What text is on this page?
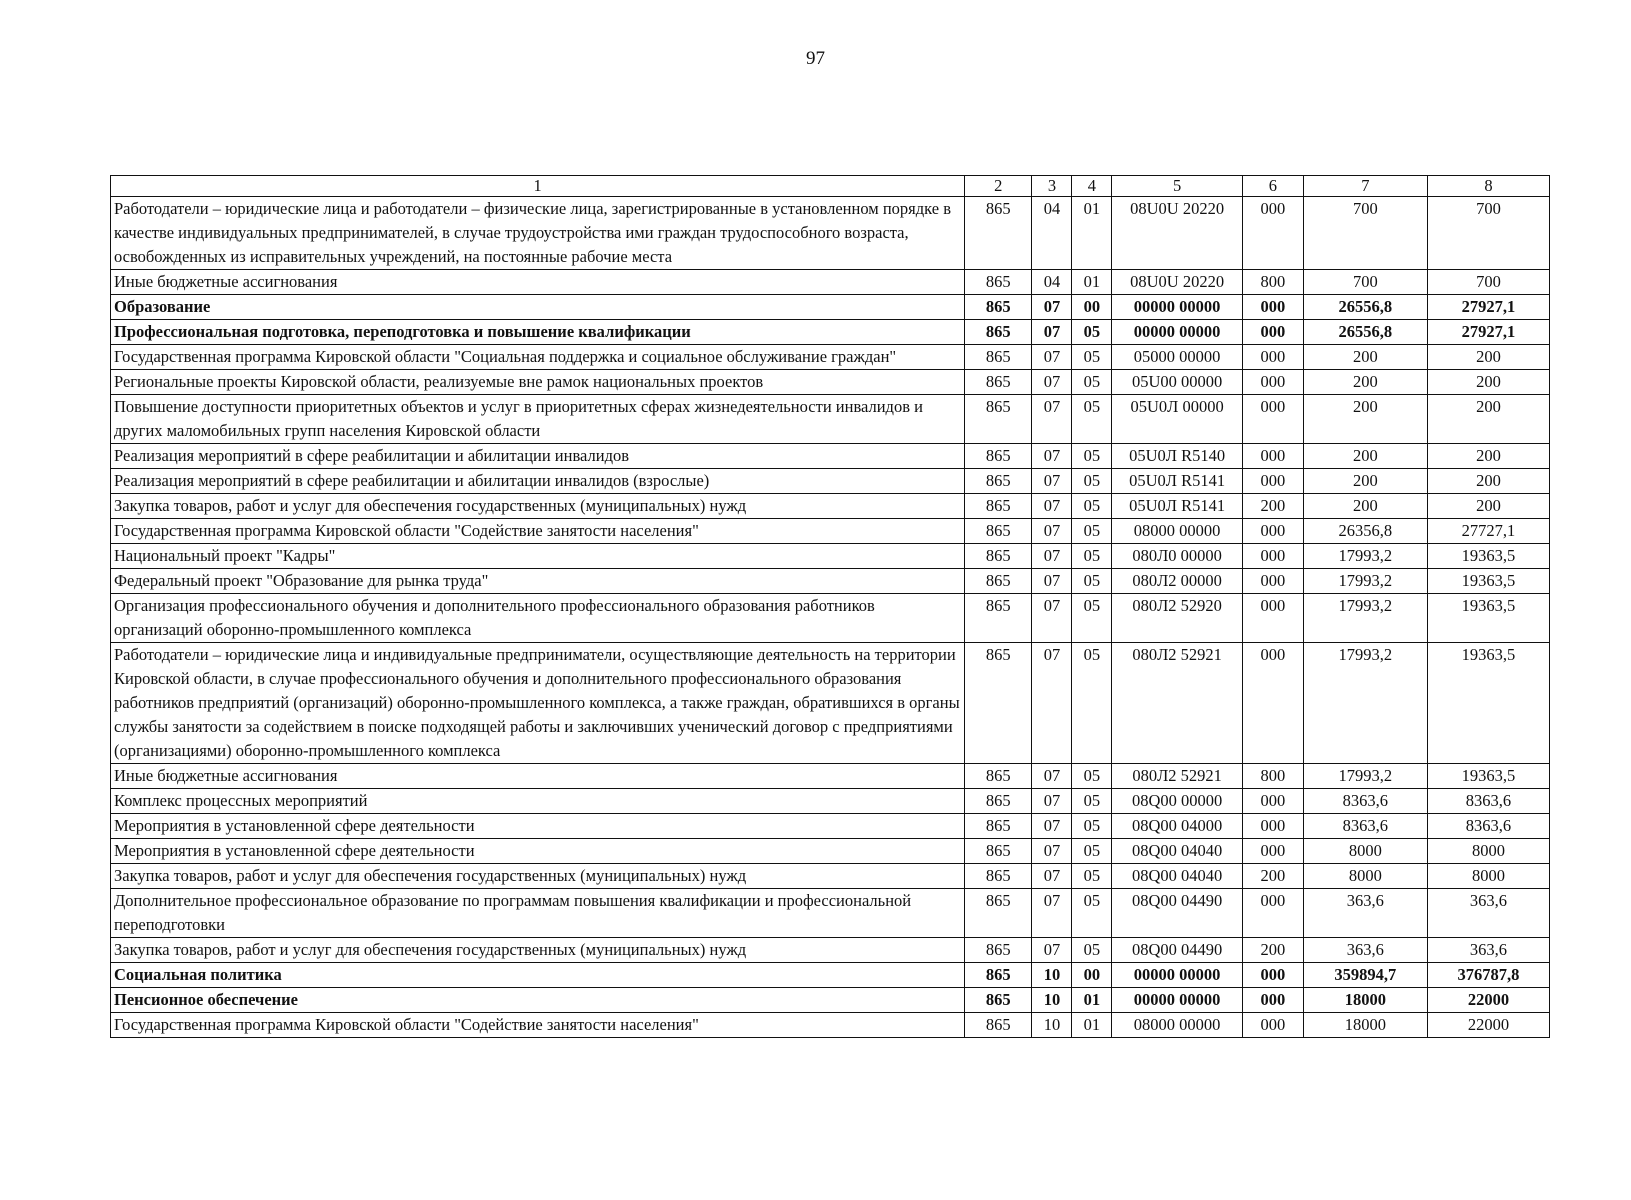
97
1	2	3	4	5	6	7	8
Работодатели – юридические лица и работодатели – физические лица, зарегистрированные в установленном порядке в качестве индивидуальных предпринимателей, в случае трудоустройства ими граждан трудоспособного возраста, освобожденных из исправительных учреждений, на постоянные рабочие места	865	04	01	08U0U 20220	000	700	700
Иные бюджетные ассигнования	865	04	01	08U0U 20220	800	700	700
Образование	865	07	00	00000 00000	000	26556,8	27927,1
Профессиональная подготовка, переподготовка и повышение квалификации	865	07	05	00000 00000	000	26556,8	27927,1
Государственная программа Кировской области "Социальная поддержка и социальное обслуживание граждан"	865	07	05	05000 00000	000	200	200
Региональные проекты Кировской области, реализуемые вне рамок национальных проектов	865	07	05	05U00 00000	000	200	200
Повышение доступности приоритетных объектов и услуг в приоритетных сферах жизнедеятельности инвалидов и других маломобильных групп населения Кировской области	865	07	05	05U0Л 00000	000	200	200
Реализация мероприятий в сфере реабилитации и абилитации инвалидов	865	07	05	05U0Л R5140	000	200	200
Реализация мероприятий в сфере реабилитации и абилитации инвалидов (взрослые)	865	07	05	05U0Л R5141	000	200	200
Закупка товаров, работ и услуг для обеспечения государственных (муниципальных) нужд	865	07	05	05U0Л R5141	200	200	200
Государственная программа Кировской области "Содействие занятости населения"	865	07	05	08000 00000	000	26356,8	27727,1
Национальный проект "Кадры"	865	07	05	080Л0 00000	000	17993,2	19363,5
Федеральный проект "Образование для рынка труда"	865	07	05	080Л2 00000	000	17993,2	19363,5
Организация профессионального обучения и дополнительного профессионального образования работников организаций оборонно-промышленного комплекса	865	07	05	080Л2 52920	000	17993,2	19363,5
Работодатели – юридические лица и индивидуальные предприниматели, осуществляющие деятельность на территории Кировской области, в случае профессионального обучения и дополнительного профессионального образования работников предприятий (организаций) оборонно-промышленного комплекса, а также граждан, обратившихся в органы службы занятости за содействием в поиске подходящей работы и заключивших ученический договор с предприятиями (организациями) оборонно-промышленного комплекса	865	07	05	080Л2 52921	000	17993,2	19363,5
Иные бюджетные ассигнования	865	07	05	080Л2 52921	800	17993,2	19363,5
Комплекс процессных мероприятий	865	07	05	08Q00 00000	000	8363,6	8363,6
Мероприятия в установленной сфере деятельности	865	07	05	08Q00 04000	000	8363,6	8363,6
Мероприятия в установленной сфере деятельности	865	07	05	08Q00 04040	000	8000	8000
Закупка товаров, работ и услуг для обеспечения государственных (муниципальных) нужд	865	07	05	08Q00 04040	200	8000	8000
Дополнительное профессиональное образование по программам повышения квалификации и профессиональной переподготовки	865	07	05	08Q00 04490	000	363,6	363,6
Закупка товаров, работ и услуг для обеспечения государственных (муниципальных) нужд	865	07	05	08Q00 04490	200	363,6	363,6
Социальная политика	865	10	00	00000 00000	000	359894,7	376787,8
Пенсионное обеспечение	865	10	01	00000 00000	000	18000	22000
Государственная программа Кировской области "Содействие занятости населения"	865	10	01	08000 00000	000	18000	22000
